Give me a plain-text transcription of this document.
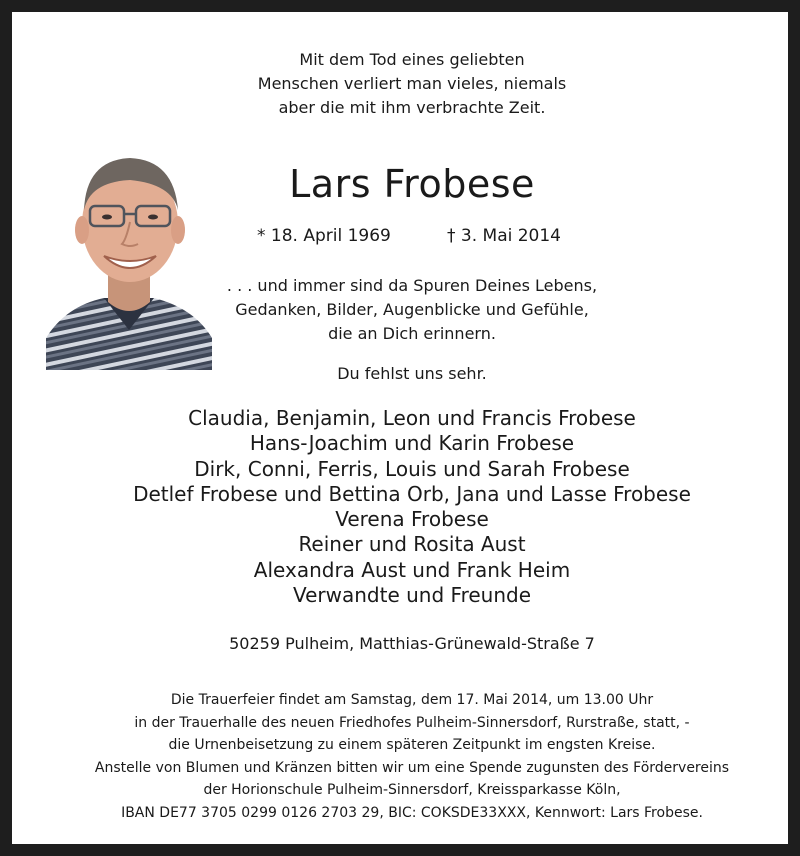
Mit dem Tod eines geliebten
Menschen verliert man vieles, niemals
aber die mit ihm verbrachte Zeit.
Lars Frobese
* 18. April 1969	† 3. Mai 2014
. . . und immer sind da Spuren Deines Lebens,
Gedanken, Bilder, Augenblicke und Gefühle,
die an Dich erinnern.
Du fehlst uns sehr.
Claudia, Benjamin, Leon und Francis Frobese
Hans-Joachim und Karin Frobese
Dirk, Conni, Ferris, Louis und Sarah Frobese
Detlef Frobese und Bettina Orb, Jana und Lasse Frobese
Verena Frobese
Reiner und Rosita Aust
Alexandra Aust und Frank Heim
Verwandte und Freunde
50259 Pulheim, Matthias-Grünewald-Straße 7
Die Trauerfeier findet am Samstag, dem 17. Mai 2014, um 13.00 Uhr
in der Trauerhalle des neuen Friedhofes Pulheim-Sinnersdorf, Rurstraße, statt, -
die Urnenbeisetzung zu einem späteren Zeitpunkt im engsten Kreise.
Anstelle von Blumen und Kränzen bitten wir um eine Spende zugunsten des Fördervereins
der Horionschule Pulheim-Sinnersdorf, Kreissparkasse Köln,
IBAN DE77 3705 0299 0126 2703 29, BIC: COKSDE33XXX, Kennwort: Lars Frobese.
